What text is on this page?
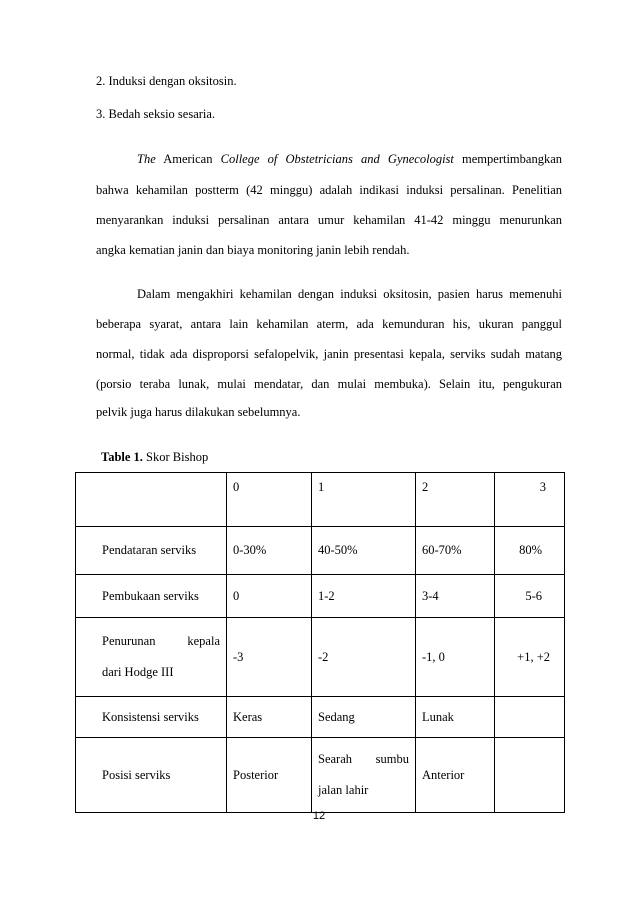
2. Induksi dengan oksitosin.
3. Bedah seksio sesaria.
The American College of Obstetricians and Gynecologist mempertimbangkan
bahwa kehamilan postterm (42 minggu) adalah indikasi induksi persalinan. Penelitian
menyarankan induksi persalinan antara umur kehamilan 41-42 minggu menurunkan
angka kematian janin dan biaya monitoring janin lebih rendah.
Dalam mengakhiri kehamilan dengan induksi oksitosin, pasien harus memenuhi
beberapa syarat, antara lain kehamilan aterm, ada kemunduran his, ukuran panggul
normal, tidak ada disproporsi sefalopelvik, janin presentasi kepala, serviks sudah matang
(porsio teraba lunak, mulai mendatar, dan mulai membuka). Selain itu, pengukuran
pelvik juga harus dilakukan sebelumnya.
Table 1. Skor Bishop
	0	1	2	3
Pendataran serviks	0-30%	40-50%	60-70%	80%
Pembukaan serviks	0	1-2	3-4	5-6

Penurunan kepala
dari Hodge III	-3	-2	-1, 0	+1, +2
Konsistensi serviks	Keras	Sedang	Lunak	
Posisi serviks	Posterior	Searah sumbu
jalan lahir	Anterior	
12
